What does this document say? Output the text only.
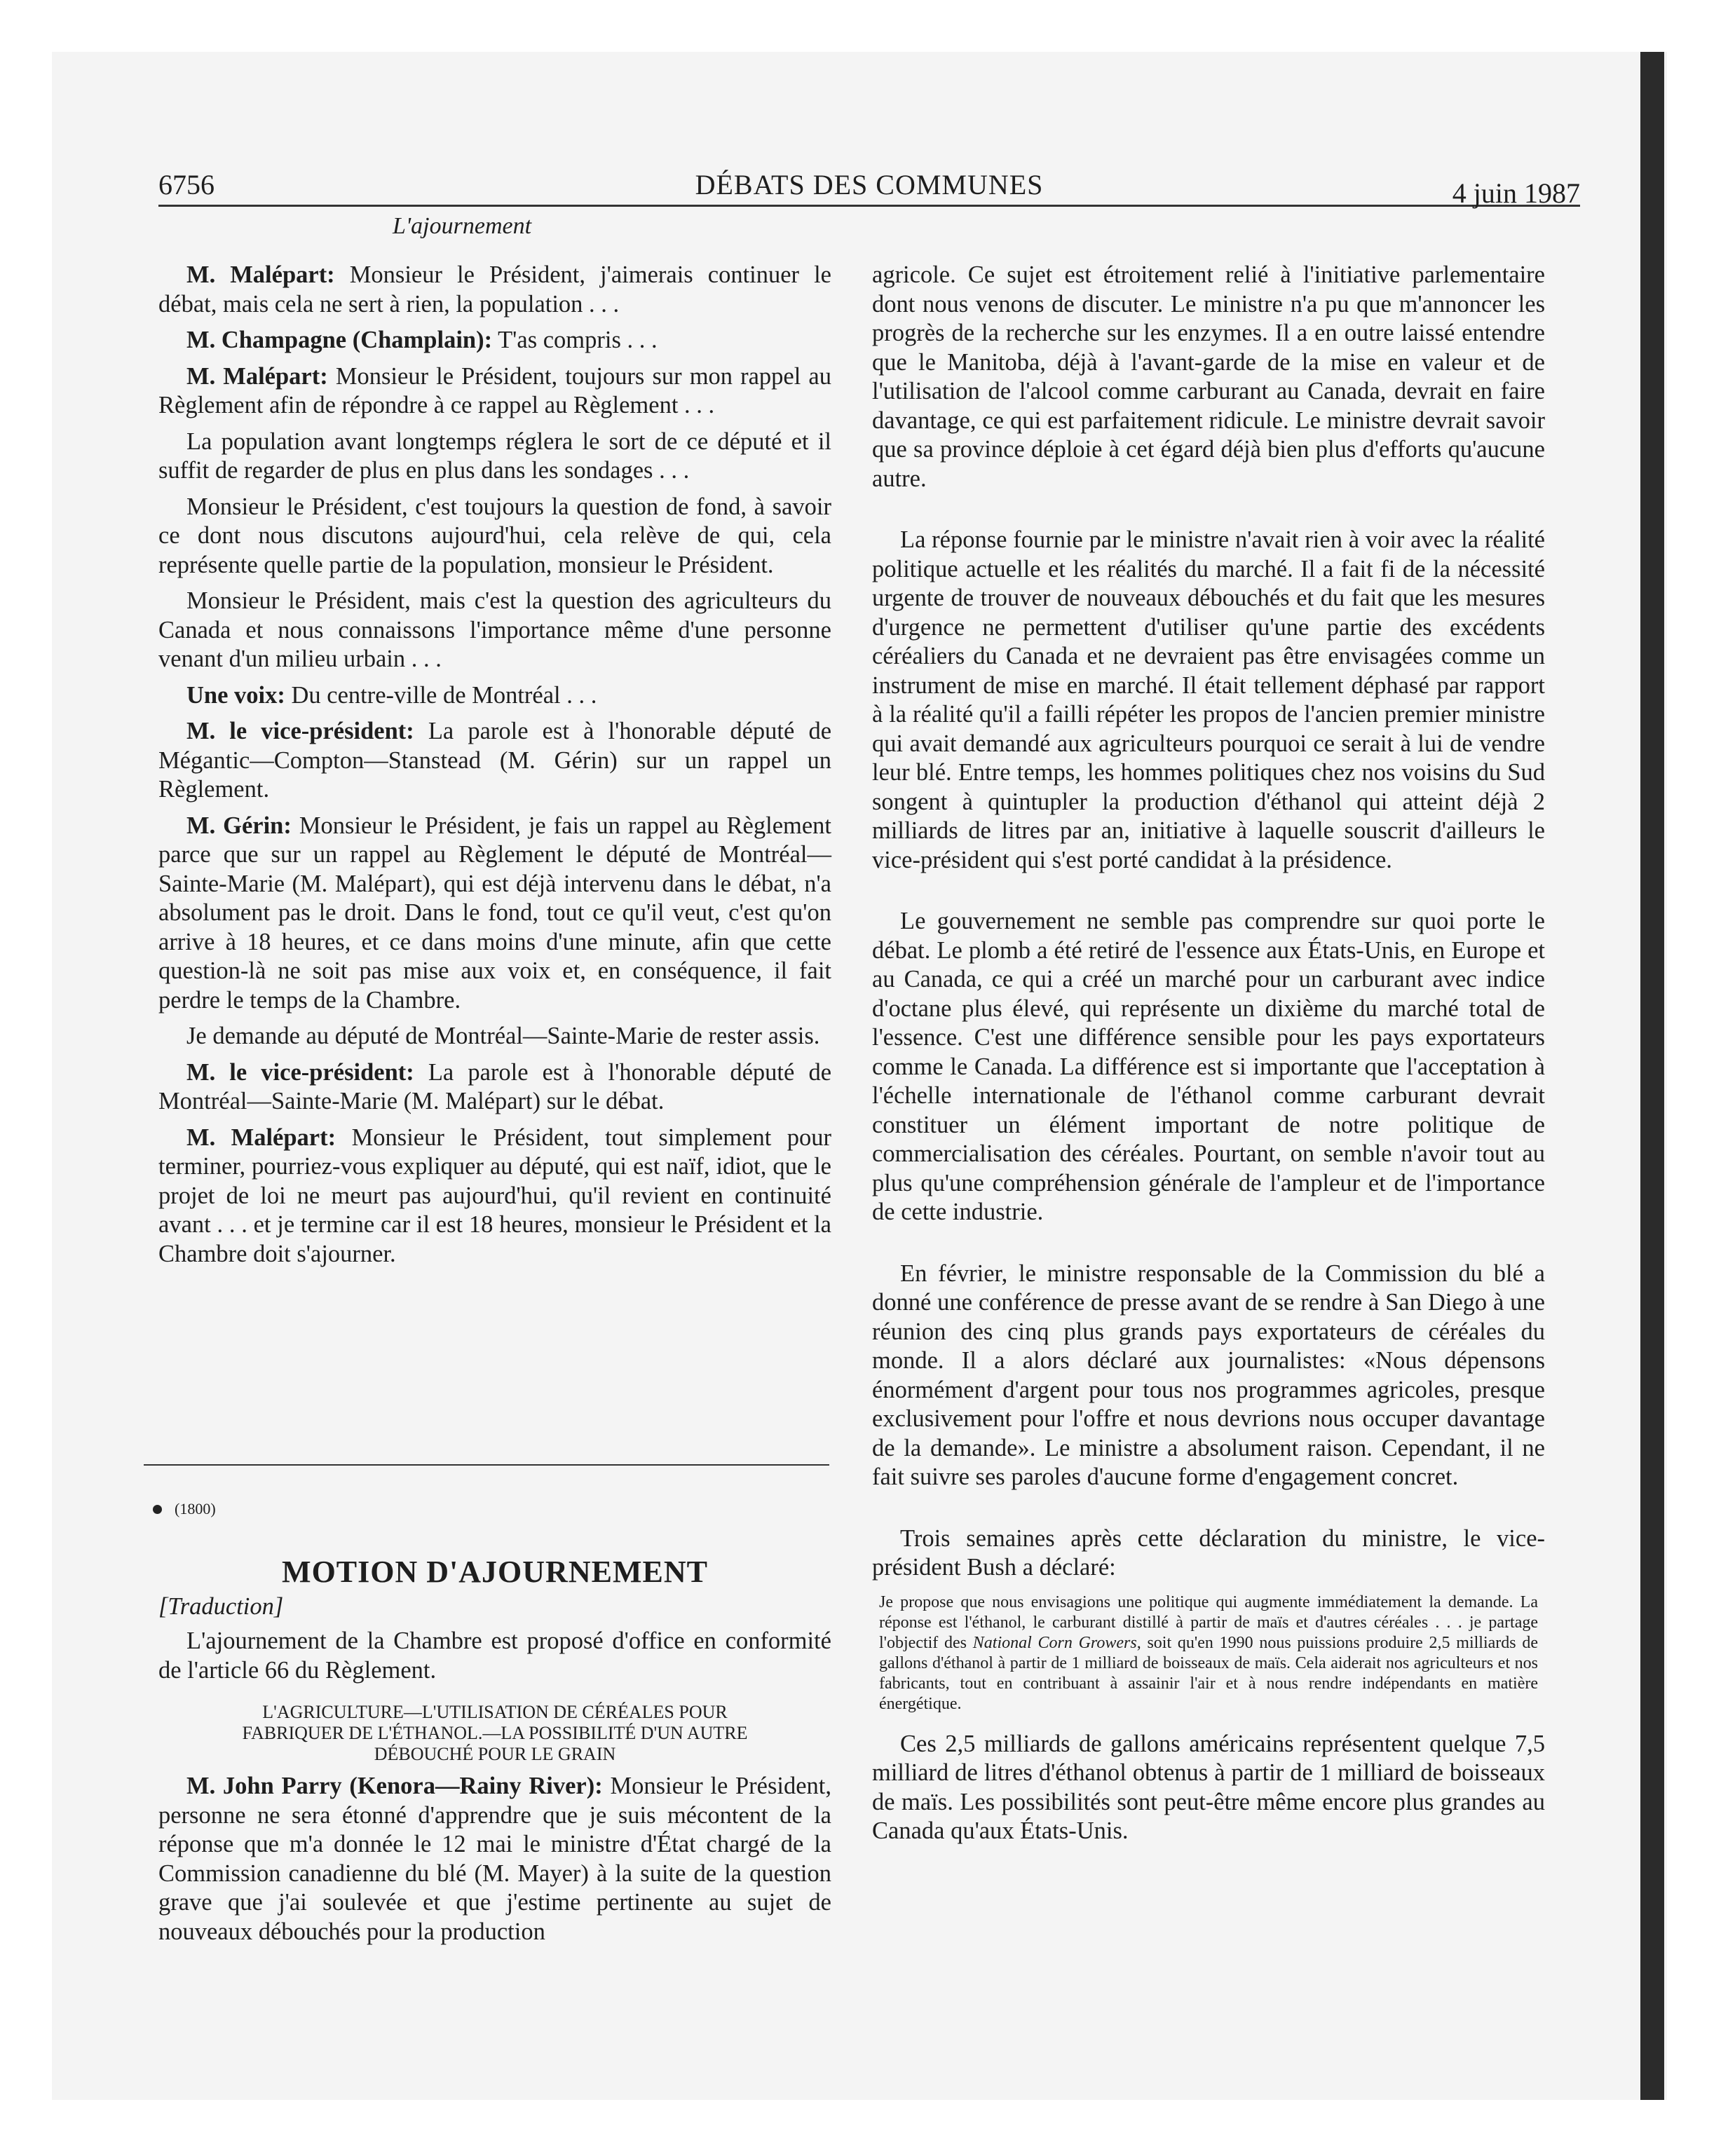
6756	DÉBATS DES COMMUNES	4 juin 1987
L'ajournement

M. Malépart: Monsieur le Président, j'aimerais continuer le débat, mais cela ne sert à rien, la population . . .

M. Champagne (Champlain): T'as compris . . .

M. Malépart: Monsieur le Président, toujours sur mon rappel au Règlement afin de répondre à ce rappel au Règlement . . .

La population avant longtemps réglera le sort de ce député et il suffit de regarder de plus en plus dans les sondages . . .

Monsieur le Président, c'est toujours la question de fond, à savoir ce dont nous discutons aujourd'hui, cela relève de qui, cela représente quelle partie de la population, monsieur le Président.

Monsieur le Président, mais c'est la question des agriculteurs du Canada et nous connaissons l'importance même d'une personne venant d'un milieu urbain . . .

Une voix: Du centre-ville de Montréal . . .

M. le vice-président: La parole est à l'honorable député de Mégantic—Compton—Stanstead (M. Gérin) sur un rappel un Règlement.

M. Gérin: Monsieur le Président, je fais un rappel au Règlement parce que sur un rappel au Règlement le député de Montréal—Sainte-Marie (M. Malépart), qui est déjà intervenu dans le débat, n'a absolument pas le droit. Dans le fond, tout ce qu'il veut, c'est qu'on arrive à 18 heures, et ce dans moins d'une minute, afin que cette question-là ne soit pas mise aux voix et, en conséquence, il fait perdre le temps de la Chambre.

Je demande au député de Montréal—Sainte-Marie de rester assis.

M. le vice-président: La parole est à l'honorable député de Montréal—Sainte-Marie (M. Malépart) sur le débat.

M. Malépart: Monsieur le Président, tout simplement pour terminer, pourriez-vous expliquer au député, qui est naïf, idiot, que le projet de loi ne meurt pas aujourd'hui, qu'il revient en continuité avant . . . et je termine car il est 18 heures, monsieur le Président et la Chambre doit s'ajourner.

(1800)
MOTION D'AJOURNEMENT
[Traduction]

L'ajournement de la Chambre est proposé d'office en conformité de l'article 66 du Règlement.

L'AGRICULTURE—L'UTILISATION DE CÉRÉALES POUR
FABRIQUER DE L'ÉTHANOL.—LA POSSIBILITÉ D'UN AUTRE
DÉBOUCHÉ POUR LE GRAIN

M. John Parry (Kenora—Rainy River): Monsieur le Président, personne ne sera étonné d'apprendre que je suis mécontent de la réponse que m'a donnée le 12 mai le ministre d'État chargé de la Commission canadienne du blé (M. Mayer) à la suite de la question grave que j'ai soulevée et que j'estime pertinente au sujet de nouveaux débouchés pour la production

agricole. Ce sujet est étroitement relié à l'initiative parlementaire dont nous venons de discuter. Le ministre n'a pu que m'annoncer les progrès de la recherche sur les enzymes. Il a en outre laissé entendre que le Manitoba, déjà à l'avant-garde de la mise en valeur et de l'utilisation de l'alcool comme carburant au Canada, devrait en faire davantage, ce qui est parfaitement ridicule. Le ministre devrait savoir que sa province déploie à cet égard déjà bien plus d'efforts qu'aucune autre.

La réponse fournie par le ministre n'avait rien à voir avec la réalité politique actuelle et les réalités du marché. Il a fait fi de la nécessité urgente de trouver de nouveaux débouchés et du fait que les mesures d'urgence ne permettent d'utiliser qu'une partie des excédents céréaliers du Canada et ne devraient pas être envisagées comme un instrument de mise en marché. Il était tellement déphasé par rapport à la réalité qu'il a failli répéter les propos de l'ancien premier ministre qui avait demandé aux agriculteurs pourquoi ce serait à lui de vendre leur blé. Entre temps, les hommes politiques chez nos voisins du Sud songent à quintupler la production d'éthanol qui atteint déjà 2 milliards de litres par an, initiative à laquelle souscrit d'ailleurs le vice-président qui s'est porté candidat à la présidence.

Le gouvernement ne semble pas comprendre sur quoi porte le débat. Le plomb a été retiré de l'essence aux États-Unis, en Europe et au Canada, ce qui a créé un marché pour un carburant avec indice d'octane plus élevé, qui représente un dixième du marché total de l'essence. C'est une différence sensible pour les pays exportateurs comme le Canada. La différence est si importante que l'acceptation à l'échelle internationale de l'éthanol comme carburant devrait constituer un élément important de notre politique de commercialisation des céréales. Pourtant, on semble n'avoir tout au plus qu'une compréhension générale de l'ampleur et de l'importance de cette industrie.

En février, le ministre responsable de la Commission du blé a donné une conférence de presse avant de se rendre à San Diego à une réunion des cinq plus grands pays exportateurs de céréales du monde. Il a alors déclaré aux journalistes: «Nous dépensons énormément d'argent pour tous nos programmes agricoles, presque exclusivement pour l'offre et nous devrions nous occuper davantage de la demande». Le ministre a absolument raison. Cependant, il ne fait suivre ses paroles d'aucune forme d'engagement concret.

Trois semaines après cette déclaration du ministre, le vice-président Bush a déclaré:

Je propose que nous envisagions une politique qui augmente immédiatement la demande. La réponse est l'éthanol, le carburant distillé à partir de maïs et d'autres céréales . . . je partage l'objectif des National Corn Growers, soit qu'en 1990 nous puissions produire 2,5 milliards de gallons d'éthanol à partir de 1 milliard de boisseaux de maïs. Cela aiderait nos agriculteurs et nos fabricants, tout en contribuant à assainir l'air et à nous rendre indépendants en matière énergétique.

Ces 2,5 milliards de gallons américains représentent quelque 7,5 milliard de litres d'éthanol obtenus à partir de 1 milliard de boisseaux de maïs. Les possibilités sont peut-être même encore plus grandes au Canada qu'aux États-Unis.
